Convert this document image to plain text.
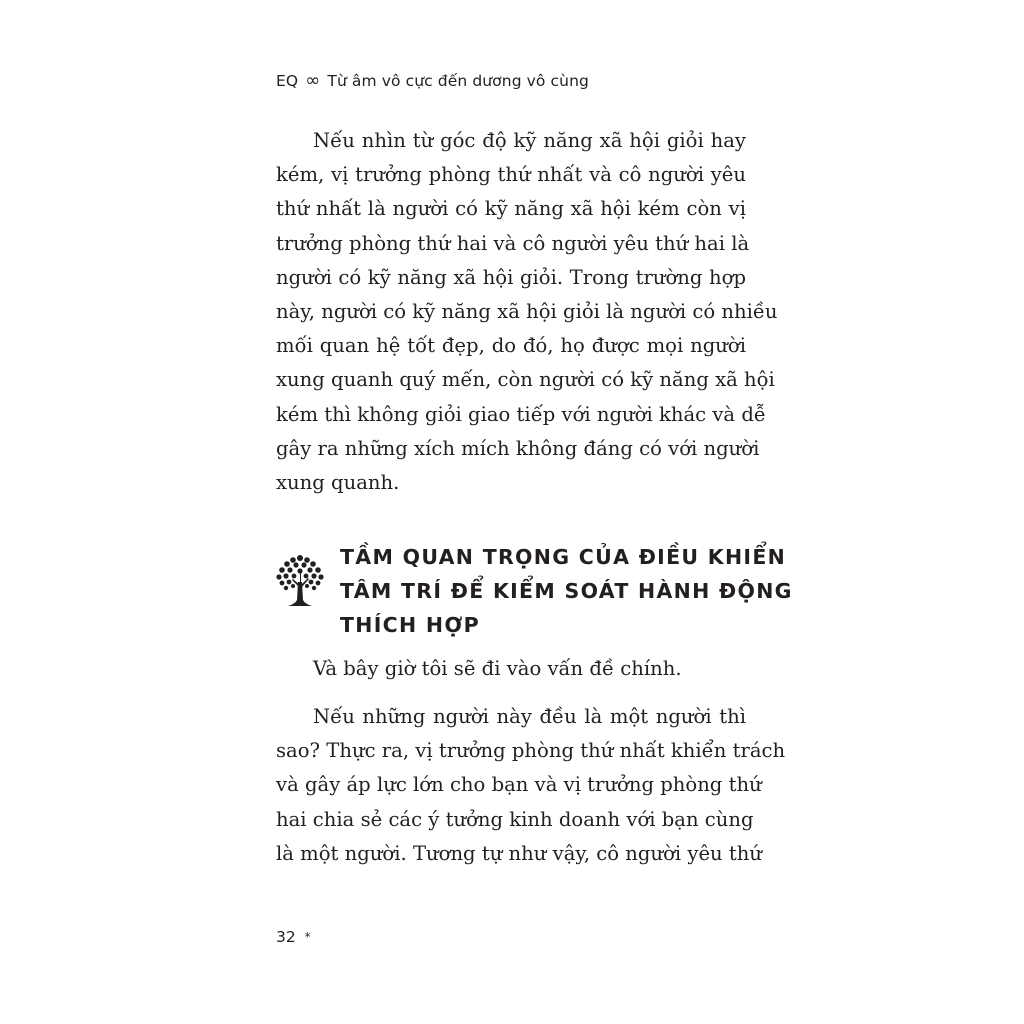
EQ ∞ Từ âm vô cực đến dương vô cùng
Nếu nhìn từ góc độ kỹ năng xã hội giỏi hay
kém, vị trưởng phòng thứ nhất và cô người yêu
thứ nhất là người có kỹ năng xã hội kém còn vị
trưởng phòng thứ hai và cô người yêu thứ hai là
người có kỹ năng xã hội giỏi. Trong trường hợp
này, người có kỹ năng xã hội giỏi là người có nhiều
mối quan hệ tốt đẹp, do đó, họ được mọi người
xung quanh quý mến, còn người có kỹ năng xã hội
kém thì không giỏi giao tiếp với người khác và dễ
gây ra những xích mích không đáng có với người
xung quanh.
TẦM QUAN TRỌNG CỦA ĐIỀU KHIỂN
TÂM TRÍ ĐỂ KIỂM SOÁT HÀNH ĐỘNG
THÍCH HỢP
Và bây giờ tôi sẽ đi vào vấn đề chính.
Nếu những người này đều là một người thì
sao? Thực ra, vị trưởng phòng thứ nhất khiển trách
và gây áp lực lớn cho bạn và vị trưởng phòng thứ
hai chia sẻ các ý tưởng kinh doanh với bạn cùng
là một người. Tương tự như vậy, cô người yêu thứ
32 *
